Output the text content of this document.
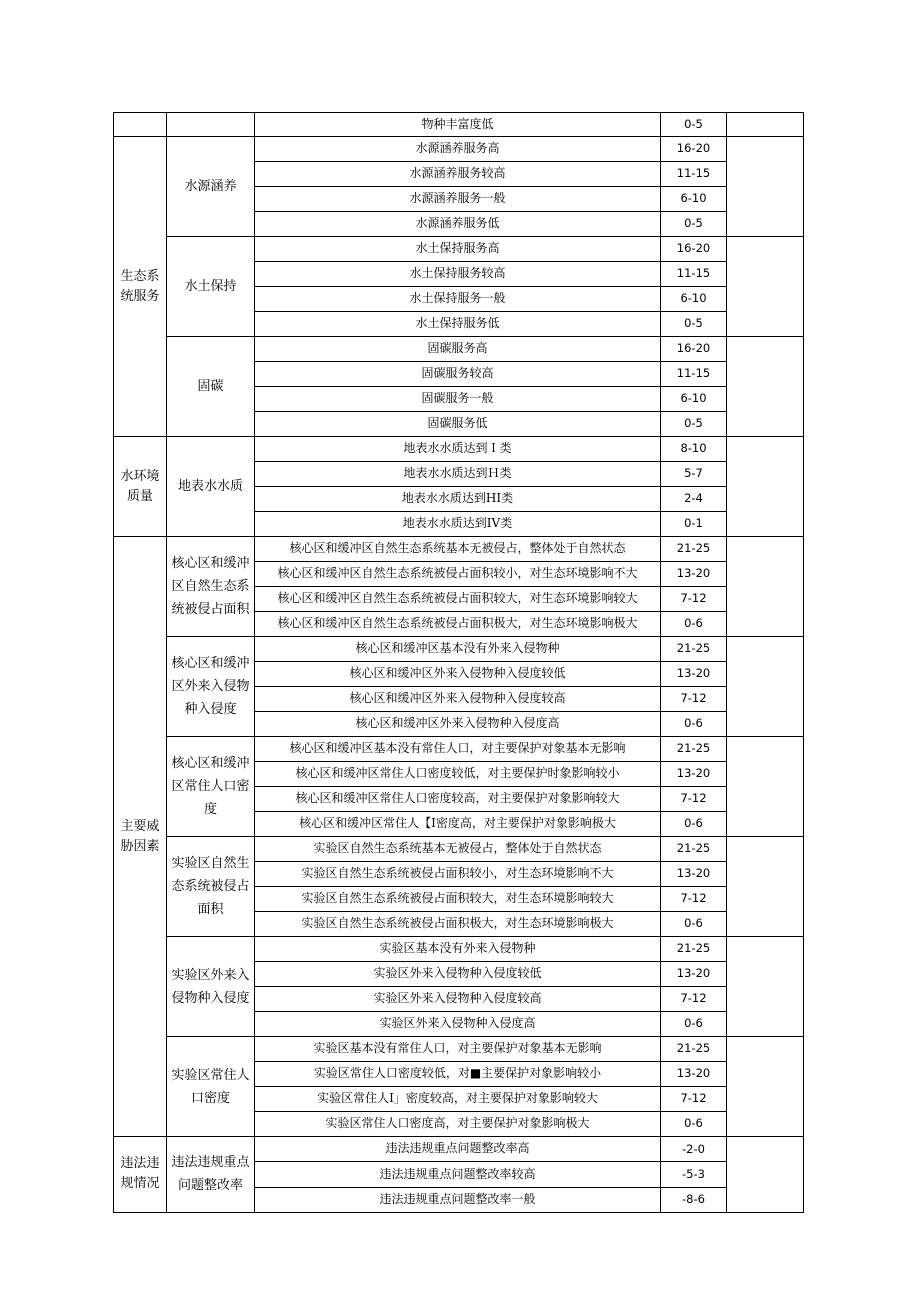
		物种丰富度低	0-5	
生态系统服务	水源涵养	水源涵养服务高	16-20	
		水源涵养服务较高	11-15	
		水源涵养服务一般	6-10	
		水源涵养服务低	0-5	
	水土保持	水土保持服务高	16-20	
		水土保持服务较高	11-15	
		水土保持服务一般	6-10	
		水土保持服务低	0-5	
	固碳	固碳服务高	16-20	
		固碳服务较高	11-15	
		固碳服务一般	6-10	
		固碳服务低	0-5	
水环境质量	地表水水质	地表水水质达到Ｉ类	8-10	
		地表水水质达到Ｈ类	5-7	
		地表水水质达到HI类	2-4	
		地表水水质达到IV类	0-1	
主要威胁因素	核心区和缓冲区自然生态系统被侵占面积	核心区和缓冲区自然生态系统基本无被侵占，整体处于自然状态	21-25	
		核心区和缓冲区自然生态系统被侵占面积较小，对生态环境影响不大	13-20	
		核心区和缓冲区自然生态系统被侵占面积较大，对生态环境影响较大	7-12	
		核心区和缓冲区自然生态系统被侵占面积极大，对生态环境影响极大	0-6	
	核心区和缓冲区外来入侵物种入侵度	核心区和缓冲区基本没有外来入侵物种	21-25	
		核心区和缓冲区外来入侵物种入侵度较低	13-20	
		核心区和缓冲区外来入侵物种入侵度较高	7-12	
		核心区和缓冲区外来入侵物种入侵度高	0-6	
	核心区和缓冲区常住人口密度	核心区和缓冲区基本没有常住人口，对主要保护对象基本无影响	21-25	
		核心区和缓冲区常住人口密度较低，对主要保护时象影响较小	13-20	
		核心区和缓冲区常住人口密度较高，对主要保护对象影响较大	7-12	
		核心区和缓冲区常住人【I密度高，对主要保护对象影响极大	0-6	
	实验区自然生态系统被侵占面积	实验区自然生态系统基本无被侵占，整体处于自然状态	21-25	
		实验区自然生态系统被侵占面积较小，对生态环境影响不大	13-20	
		实验区自然生态系统被侵占面积较大，对生态环境影响较大	7-12	
		实验区自然生态系统被侵占面积极大，对生态环境影响极大	0-6	
	实验区外来入侵物种入侵度	实验区基本没有外来入侵物种	21-25	
		实验区外来入侵物种入侵度较低	13-20	
		实验区外来入侵物种入侵度较高	7-12	
		实验区外来入侵物种入侵度高	0-6	
	实验区常住人口密度	实验区基本没有常住人口，对主要保护对象基本无影响	21-25	
		实验区常住人口密度较低，对■主要保护对象影响较小	13-20	
		实验区常住人I」密度较高，对主要保护对象影响较大	7-12	
		实验区常住人口密度高，对主要保护对象影响极大	0-6	
违法违规情况	违法违规重点问题整改率	违法违规重点问题整改率高	-2-0	
		违法违规重点问题整改率较高	-5-3	
		违法违规重点问题整改率一般	-8-6	
